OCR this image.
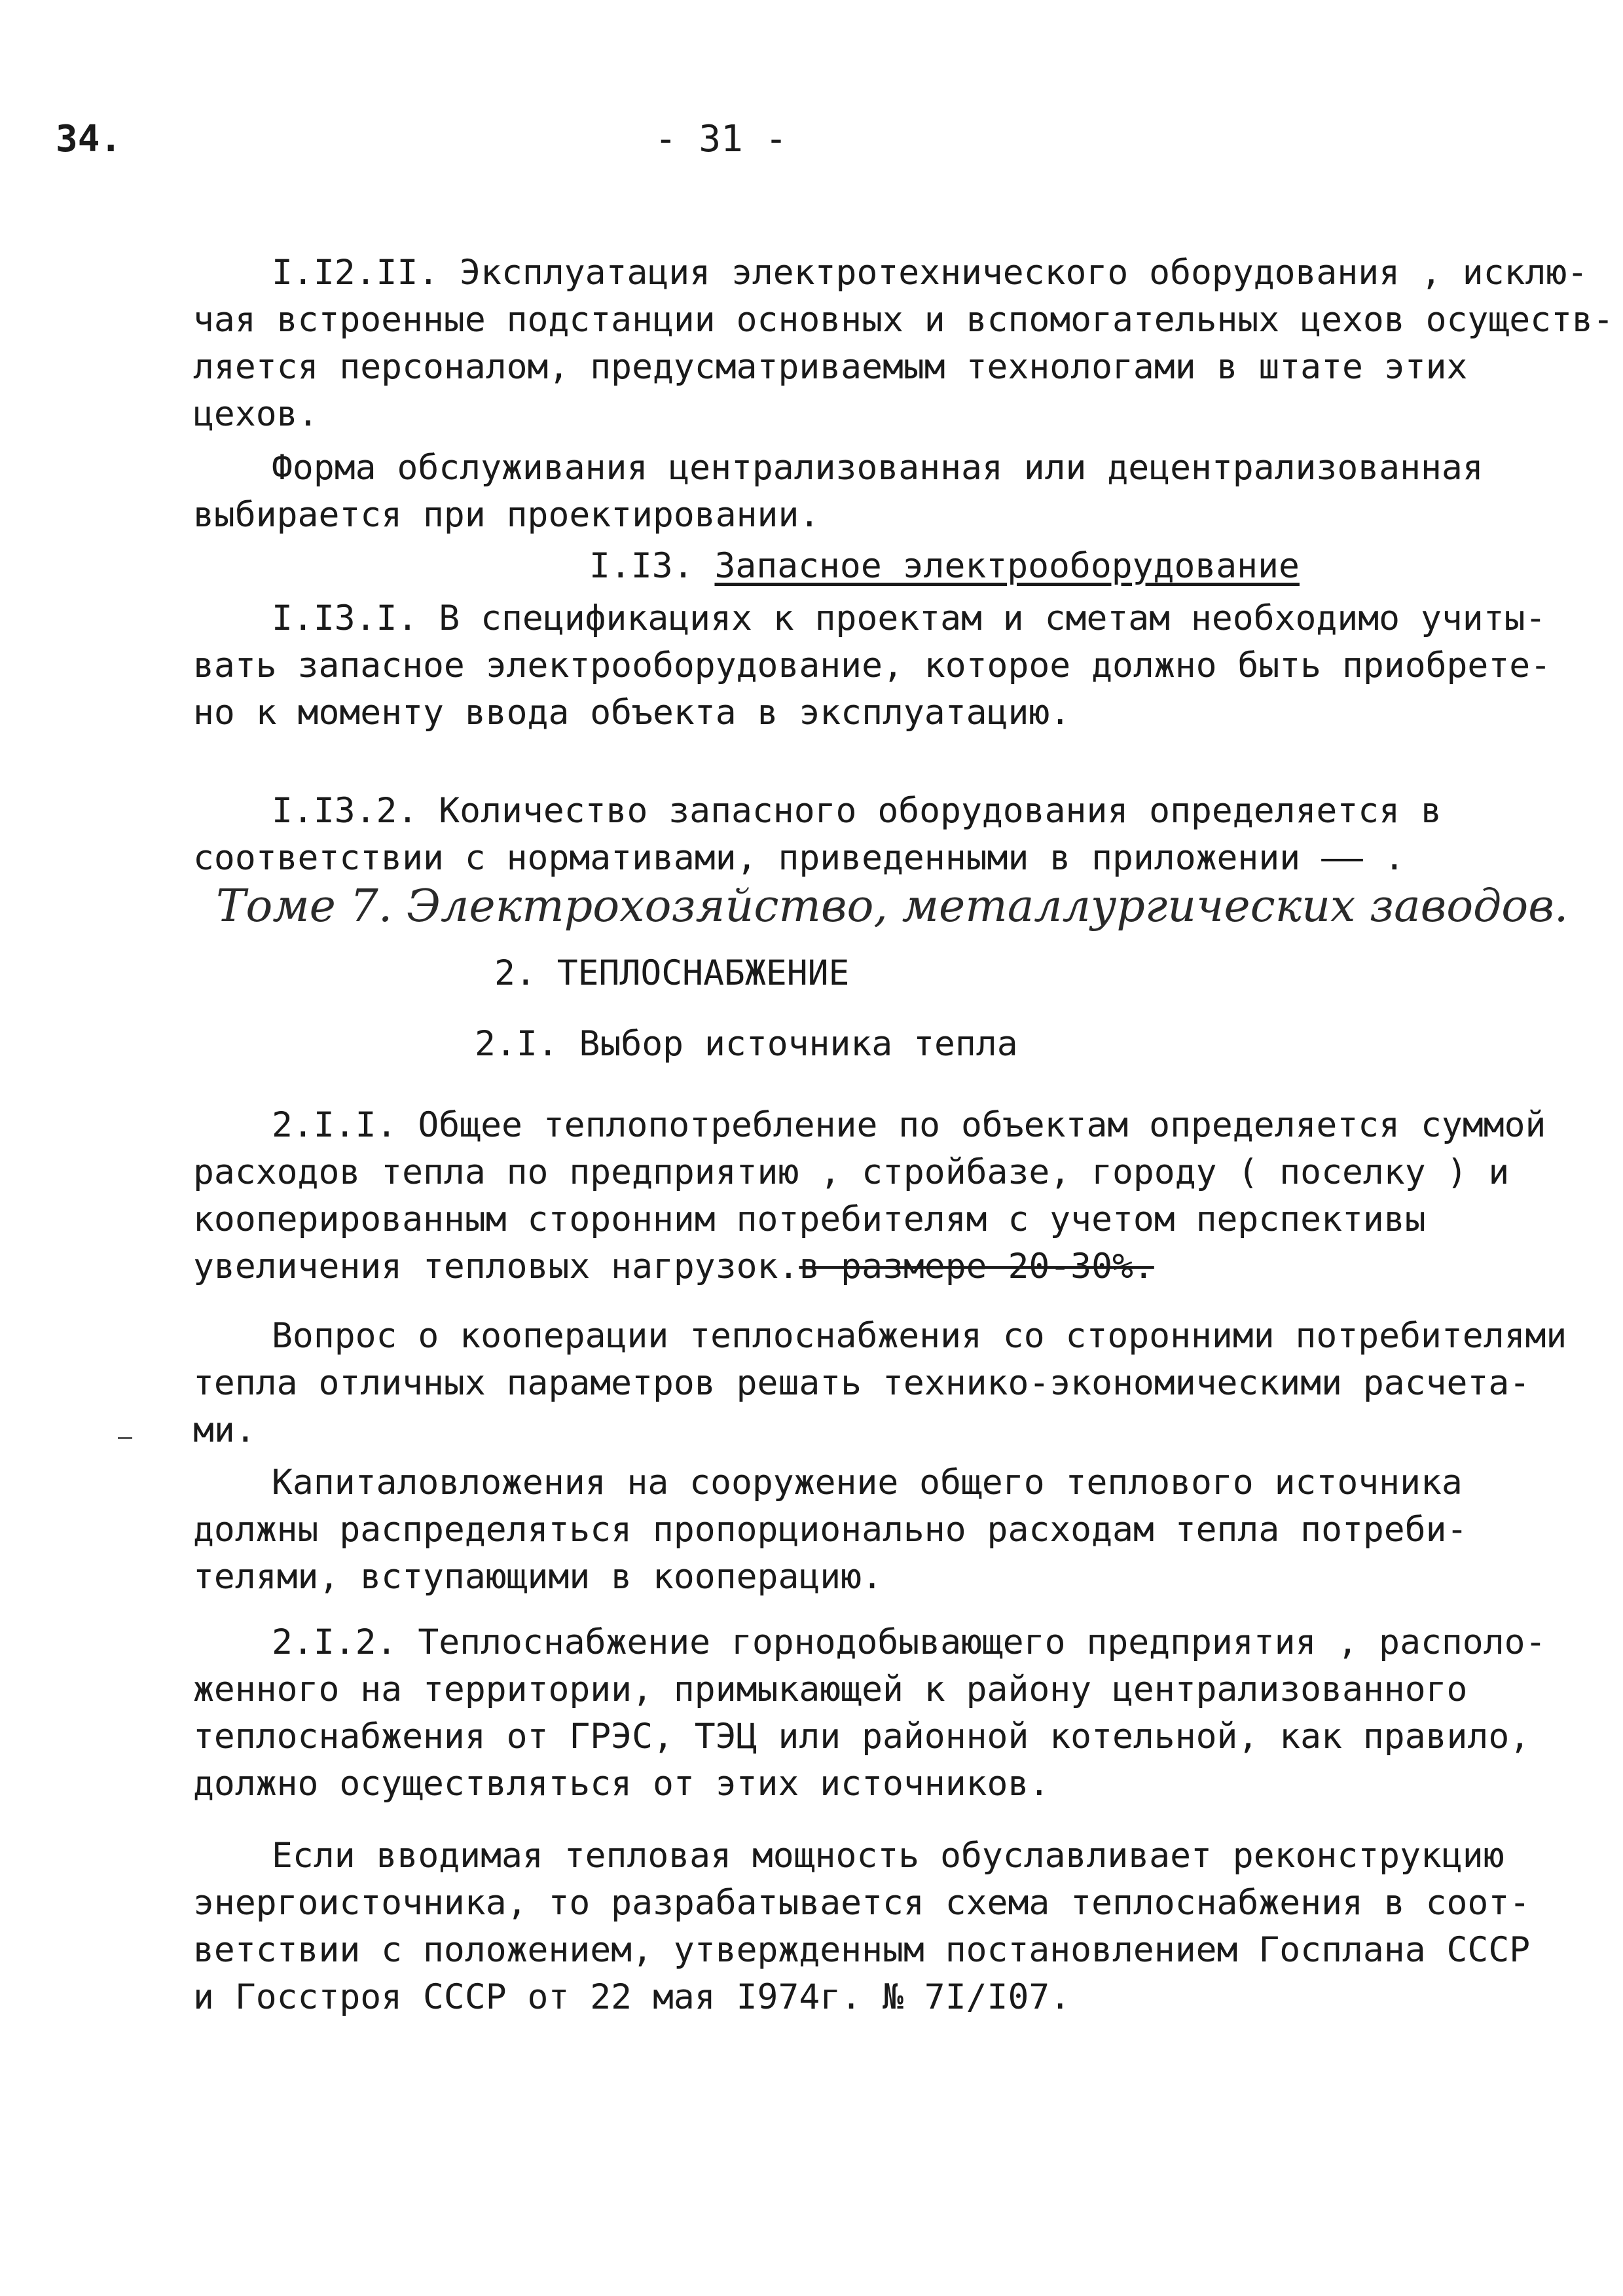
34.	- 31 -
I.I2.II. Эксплуатация электротехнического оборудования , исклю-
чая встроенные подстанции основных и вспомогательных цехов осуществ-
ляется персоналом, предусматриваемым технологами в штате этих
цехов.
Форма обслуживания централизованная или децентрализованная
выбирается при проектировании.
I.I3. Запасное электрооборудование
I.I3.I. В спецификациях к проектам и сметам необходимо учиты-
вать запасное электрооборудование, которое должно быть приобрете-
но к моменту ввода объекта в эксплуатацию.
I.I3.2. Количество запасного оборудования определяется в
соответствии с нормативами, приведенными в приложении –– .
Томе 7. Электрохозяйство, металлургических заводов.
2. ТЕПЛОСНАБЖЕНИЕ
2.I. Выбор источника тепла
2.I.I. Общее теплопотребление по объектам определяется суммой
расходов тепла по предприятию , стройбазе, городу ( поселку ) и
кооперированным сторонним потребителям с учетом перспективы
увеличения тепловых нагрузок.в размере 20-30%.
Вопрос о кооперации теплоснабжения со сторонними потребителями
тепла отличных параметров решать технико-экономическими расчета-
ми.
Капиталовложения на сооружение общего теплового источника
должны распределяться пропорционально расходам тепла потреби-
телями, вступающими в кооперацию.
2.I.2. Теплоснабжение горнодобывающего предприятия , располо-
женного на территории, примыкающей к району централизованного
теплоснабжения от ГРЭС, ТЭЦ или районной котельной, как правило,
должно осуществляться от этих источников.
Если вводимая тепловая мощность обуславливает реконструкцию
энергоисточника, то разрабатывается схема теплоснабжения в соот-
ветствии с положением, утвержденным постановлением Госплана СССР
и Госстроя СССР от 22 мая I974г. № 7I/I07.
